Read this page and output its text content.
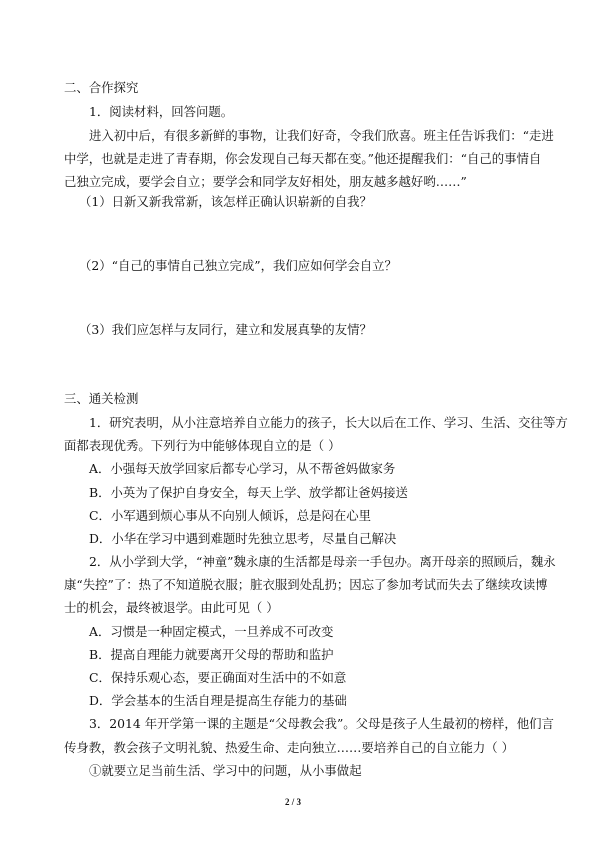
二、合作探究
1．阅读材料，回答问题。
进入初中后，有很多新鲜的事物，让我们好奇，令我们欣喜。班主任告诉我们：“走进
中学，也就是走进了青春期，你会发现自己每天都在变。”他还提醒我们：“自己的事情自
己独立完成，要学会自立；要学会和同学友好相处，朋友越多越好哟……”
（1）日新又新我常新，该怎样正确认识崭新的自我？
（2）“自己的事情自己独立完成”，我们应如何学会自立？
（3）我们应怎样与友同行，建立和发展真挚的友情？
三、通关检测
1．研究表明，从小注意培养自立能力的孩子，长大以后在工作、学习、生活、交往等方
面都表现优秀。下列行为中能够体现自立的是（ ）
A．小强每天放学回家后都专心学习，从不帮爸妈做家务
B．小英为了保护自身安全，每天上学、放学都让爸妈接送
C．小军遇到烦心事从不向别人倾诉，总是闷在心里
D．小华在学习中遇到难题时先独立思考，尽量自己解决
2．从小学到大学，“神童”魏永康的生活都是母亲一手包办。离开母亲的照顾后，魏永
康“失控”了：热了不知道脱衣服；脏衣服到处乱扔；因忘了参加考试而失去了继续攻读博
士的机会，最终被退学。由此可见（ ）
A．习惯是一种固定模式，一旦养成不可改变
B．提高自理能力就要离开父母的帮助和监护
C．保持乐观心态，要正确面对生活中的不如意
D．学会基本的生活自理是提高生存能力的基础
3．2014 年开学第一课的主题是“父母教会我”。父母是孩子人生最初的榜样，他们言
传身教，教会孩子文明礼貌、热爱生命、走向独立……要培养自己的自立能力（ ）
①就要立足当前生活、学习中的问题，从小事做起
2 / 3
